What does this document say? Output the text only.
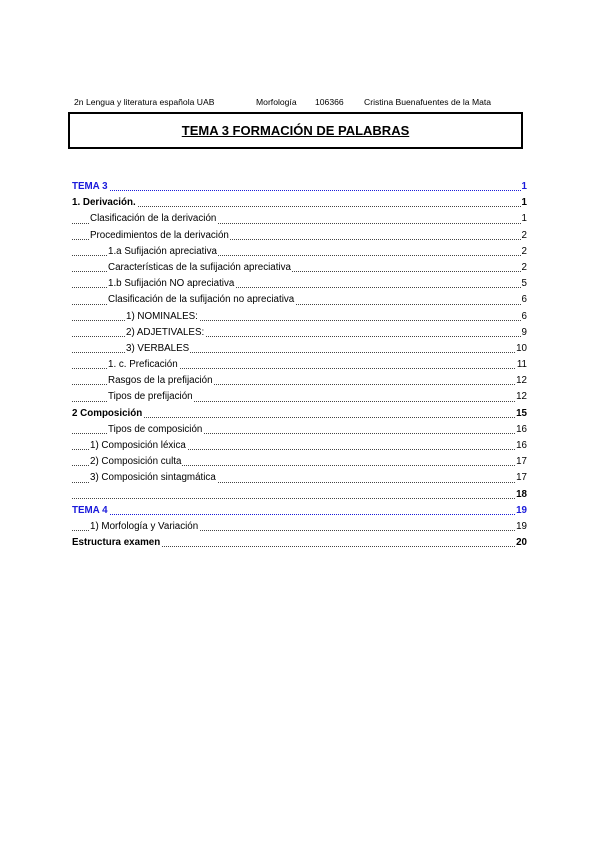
2n Lengua y literatura española UAB	Morfología	106366	Cristina Buenafuentes de la Mata
TEMA 3 FORMACIÓN DE PALABRAS
TEMA 3	1
1. Derivación.	1
Clasificación de la derivación	1
Procedimientos de la derivación	2
1.a Sufijación apreciativa	2
Características de la sufijación apreciativa	2
1.b Sufijación NO apreciativa	5
Clasificación de la sufijación no apreciativa	6
1) NOMINALES:	6
2) ADJETIVALES:	9
3) VERBALES	10
1. c. Preficación	11
Rasgos de la prefijación	12
Tipos de prefijación	12
2 Composición	15
Tipos de composición	16
1) Composición léxica	16
2) Composición culta	17
3) Composición sintagmática	17
18
TEMA 4	19
1) Morfología y Variación	19
Estructura examen	20
